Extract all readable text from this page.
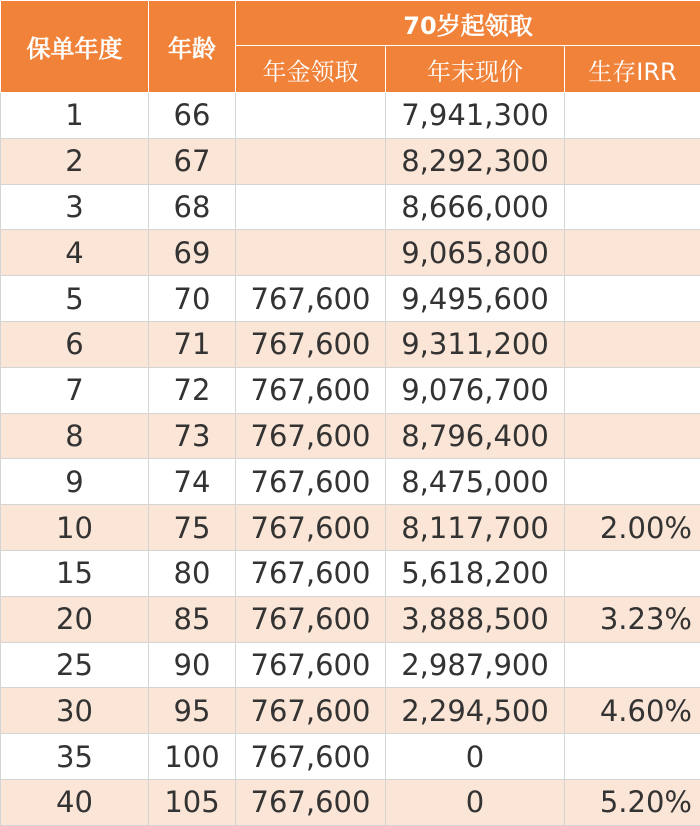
保单年度	年龄	70岁起领取		
		年金领取	年末现价	生存IRR
1	66		7,941,300	
2	67		8,292,300	
3	68		8,666,000	
4	69		9,065,800	
5	70	767,600	9,495,600	
6	71	767,600	9,311,200	
7	72	767,600	9,076,700	
8	73	767,600	8,796,400	
9	74	767,600	8,475,000	
10	75	767,600	8,117,700	2.00%
15	80	767,600	5,618,200	
20	85	767,600	3,888,500	3.23%
25	90	767,600	2,987,900	
30	95	767,600	2,294,500	4.60%
35	100	767,600	0	
40	105	767,600	0	5.20%
